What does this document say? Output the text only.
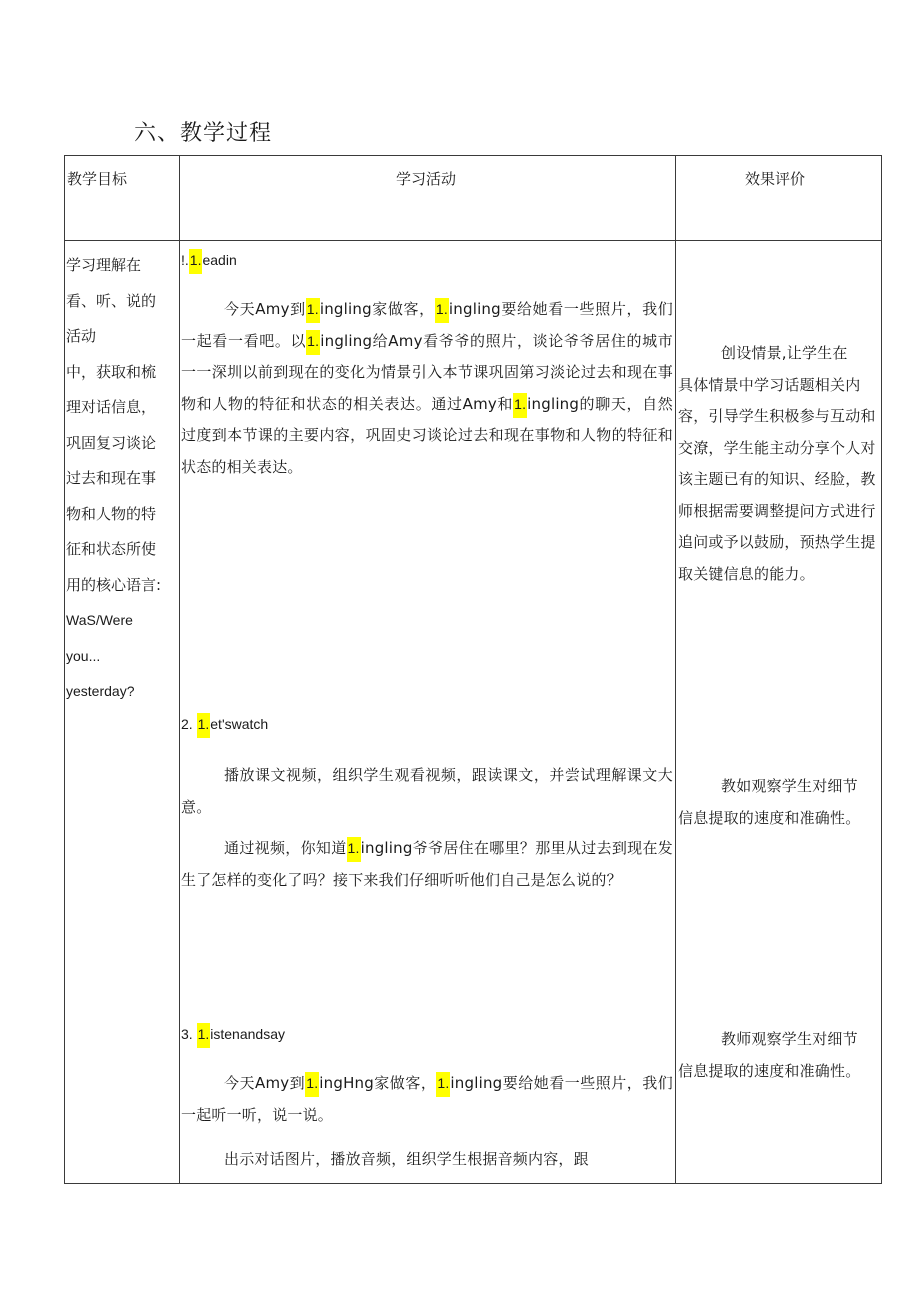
六、教学过程
教学目标	学习活动	效果评价
学习理解在
看、听、说的
活动
中，获取和梳
理对话信息，
巩固复习谈论
过去和现在事
物和人物的特
征和状态所使
用的核心语言:
WaS/Were
you...
yesterday?
!.1.eadin
今天Amy到1.ingling家做客，1.ingling要给她看一些照片，我们一起看一看吧。以1.ingling给Amy看爷爷的照片，谈论爷爷居住的城市一一深圳以前到现在的变化为情景引入本节课巩固第习淡论过去和现在事物和人物的特征和状态的相关表达。通过Amy和1.ingling的聊天，自然过度到本节课的主要内容，巩固史习谈论过去和现在事物和人物的特征和状态的相关表达。
2. 1.et'swatch
播放课文视频，组织学生观看视频，跟读课文，并尝试理解课文大意。
通过视频，你知道1.ingling爷爷居住在哪里？那里从过去到现在发生了怎样的变化了吗？接下来我们仔细听听他们自己是怎么说的？
3. 1.istenandsay
今天Amy到1.ingHng家做客，1.ingling要给她看一些照片，我们一起听一听，说一说。
出示对话图片，播放音频，组织学生根据音频内容，跟
创设情景,让学生在
具体情景中学习话题相关内容，引导学生积极参与互动和交潦，学生能主动分享个人对该主题已有的知识、经脸，教师根据需要调整提问方式进行追问或予以鼓励，预热学生提取关键信息的能力。
教如观察学生对细节
信息提取的速度和准确性。
教师观察学生对细节
信息提取的速度和准确性。
